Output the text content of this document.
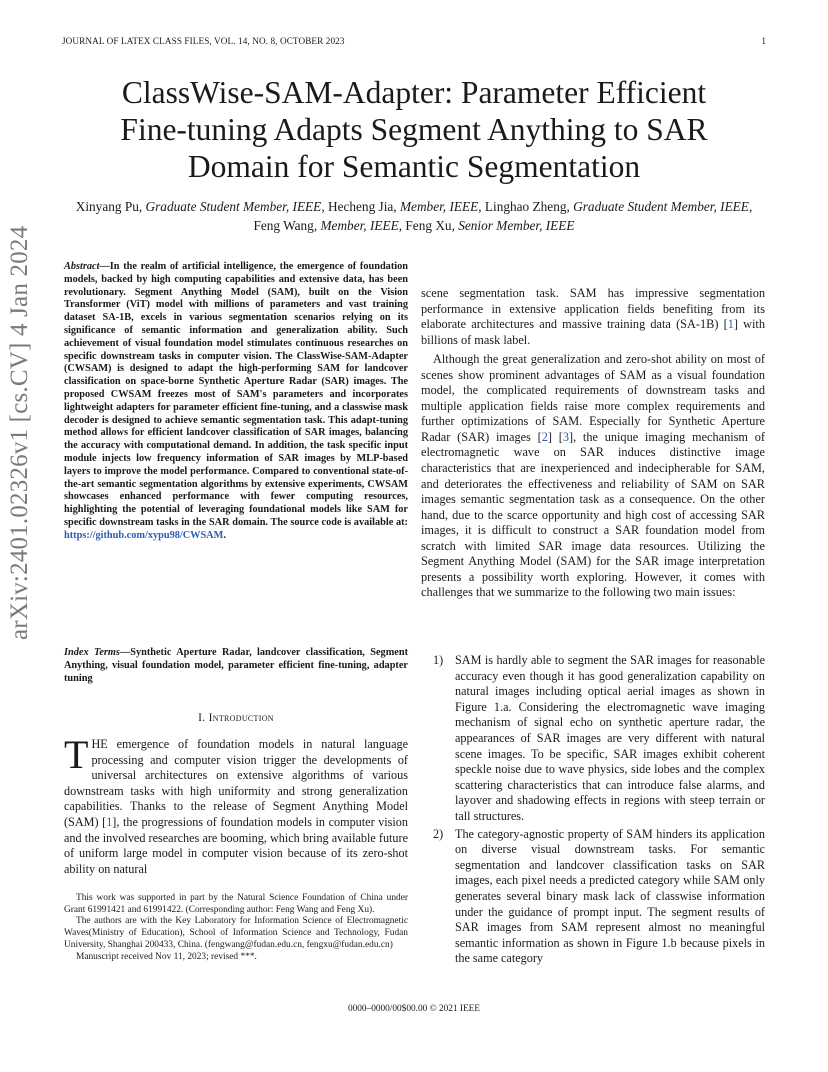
JOURNAL OF LATEX CLASS FILES, VOL. 14, NO. 8, OCTOBER 2023	1
arXiv:2401.02326v1 [cs.CV] 4 Jan 2024
ClassWise-SAM-Adapter: Parameter Efficient Fine-tuning Adapts Segment Anything to SAR Domain for Semantic Segmentation
Xinyang Pu, Graduate Student Member, IEEE, Hecheng Jia, Member, IEEE, Linghao Zheng, Graduate Student Member, IEEE, Feng Wang, Member, IEEE, Feng Xu, Senior Member, IEEE
Abstract—In the realm of artificial intelligence, the emergence of foundation models, backed by high computing capabilities and extensive data, has been revolutionary. Segment Anything Model (SAM), built on the Vision Transformer (ViT) model with millions of parameters and vast training dataset SA-1B, excels in various segmentation scenarios relying on its significance of semantic information and generalization ability. Such achievement of visual foundation model stimulates continuous researches on specific downstream tasks in computer vision. The ClassWise-SAM-Adapter (CWSAM) is designed to adapt the high-performing SAM for landcover classification on space-borne Synthetic Aperture Radar (SAR) images. The proposed CWSAM freezes most of SAM's parameters and incorporates lightweight adapters for parameter efficient fine-tuning, and a classwise mask decoder is designed to achieve semantic segmentation task. This adapt-tuning method allows for efficient landcover classification of SAR images, balancing the accuracy with computational demand. In addition, the task specific input module injects low frequency information of SAR images by MLP-based layers to improve the model performance. Compared to conventional state-of-the-art semantic segmentation algorithms by extensive experiments, CWSAM showcases enhanced performance with fewer computing resources, highlighting the potential of leveraging foundational models like SAM for specific downstream tasks in the SAR domain. The source code is available at: https://github.com/xypu98/CWSAM.
Index Terms—Synthetic Aperture Radar, landcover classification, Segment Anything, visual foundation model, parameter efficient fine-tuning, adapter tuning
I. Introduction
THE emergence of foundation models in natural language processing and computer vision trigger the developments of universal architectures on extensive algorithms of various downstream tasks with high uniformity and strong generalization capabilities. Thanks to the release of Segment Anything Model (SAM) [1], the progressions of foundation models in computer vision and the involved researches are booming, which bring available future of uniform large model in computer vision because of its zero-shot ability on natural

This work was supported in part by the Natural Science Foundation of China under Grant 61991421 and 61991422. (Corresponding author: Feng Wang and Feng Xu).

The authors are with the Key Laboratory for Information Science of Electromagnetic Waves(Ministry of Education), School of Information Science and Technology, Fudan University, Shanghai 200433, China. (fengwang@fudan.edu.cn, fengxu@fudan.edu.cn)

Manuscript received Nov 11, 2023; revised ***.

scene segmentation task. SAM has impressive segmentation performance in extensive application fields benefiting from its elaborate architectures and massive training data (SA-1B) [1] with billions of mask label.

Although the great generalization and zero-shot ability on most of scenes show prominent advantages of SAM as a visual foundation model, the complicated requirements of downstream tasks and multiple application fields raise more complex requirements and further optimizations of SAM. Especially for Synthetic Aperture Radar (SAR) images [2] [3], the unique imaging mechanism of electromagnetic wave on SAR induces distinctive image characteristics that are inexperienced and indecipherable for SAM, and deteriorates the effectiveness and reliability of SAM on SAR images semantic segmentation task as a consequence. On the other hand, due to the scarce opportunity and high cost of accessing SAR images, it is difficult to construct a SAR foundation model from scratch with limited SAR image data resources. Utilizing the Segment Anything Model (SAM) for the SAR image interpretation presents a possibility worth exploring. However, it comes with challenges that we summarize to the following two main issues:

1) SAM is hardly able to segment the SAR images for reasonable accuracy even though it has good generalization capability on natural images including optical aerial images as shown in Figure 1.a. Considering the electromagnetic wave imaging mechanism of signal echo on synthetic aperture radar, the appearances of SAR images are very different with natural scene images. To be specific, SAR images exhibit coherent speckle noise due to wave physics, side lobes and the complex scattering characteristics that can introduce false alarms, and layover and shadowing effects in regions with steep terrain or tall structures.
2) The category-agnostic property of SAM hinders its application on diverse visual downstream tasks. For semantic segmentation and landcover classification tasks on SAR images, each pixel needs a predicted category while SAM only generates several binary mask lack of classwise information under the guidance of prompt input. The segment results of SAR images from SAM represent almost no meaningful semantic information as shown in Figure 1.b because pixels in the same category
0000–0000/00$00.00 © 2021 IEEE
